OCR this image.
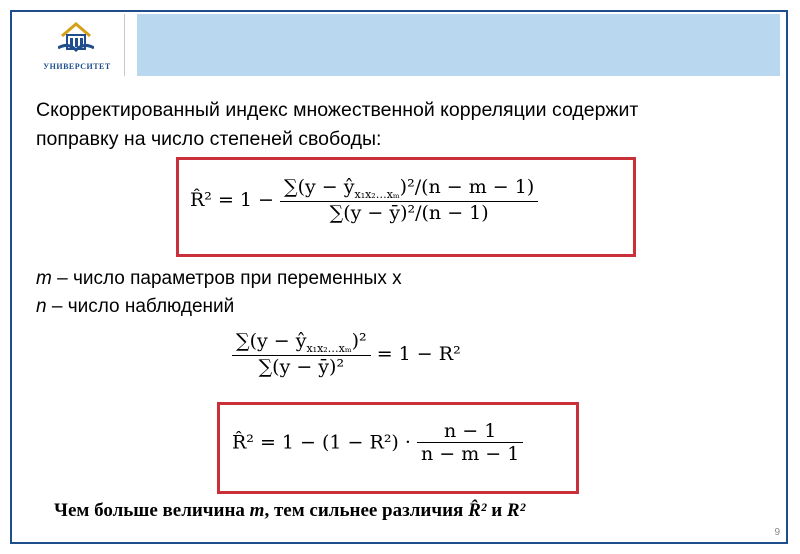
УНИВЕРСИТЕТ
Скорректированный индекс множественной корреляции содержит
поправку на число степеней свободы:
R̂² = $1 - \frac{\sum(y - ŷ_{x_1x_2\dots x_m})^2/(n - m - 1)}{\text{∑(y − ȳ)²/(n − 1)}}$
m – число параметров при переменных x
n – число наблюдений
$\frac{\sum(y - ŷ_{x_1x_2\dots x_m})^2}{\text{∑(y − ȳ)²}} = 1 - R^2$
R̂² = $1 - (1 - R^2) \cdot \frac{n - 1}{n - m - 1}$
Чем больше величина m, тем сильнее различия R̂² и R²
9
